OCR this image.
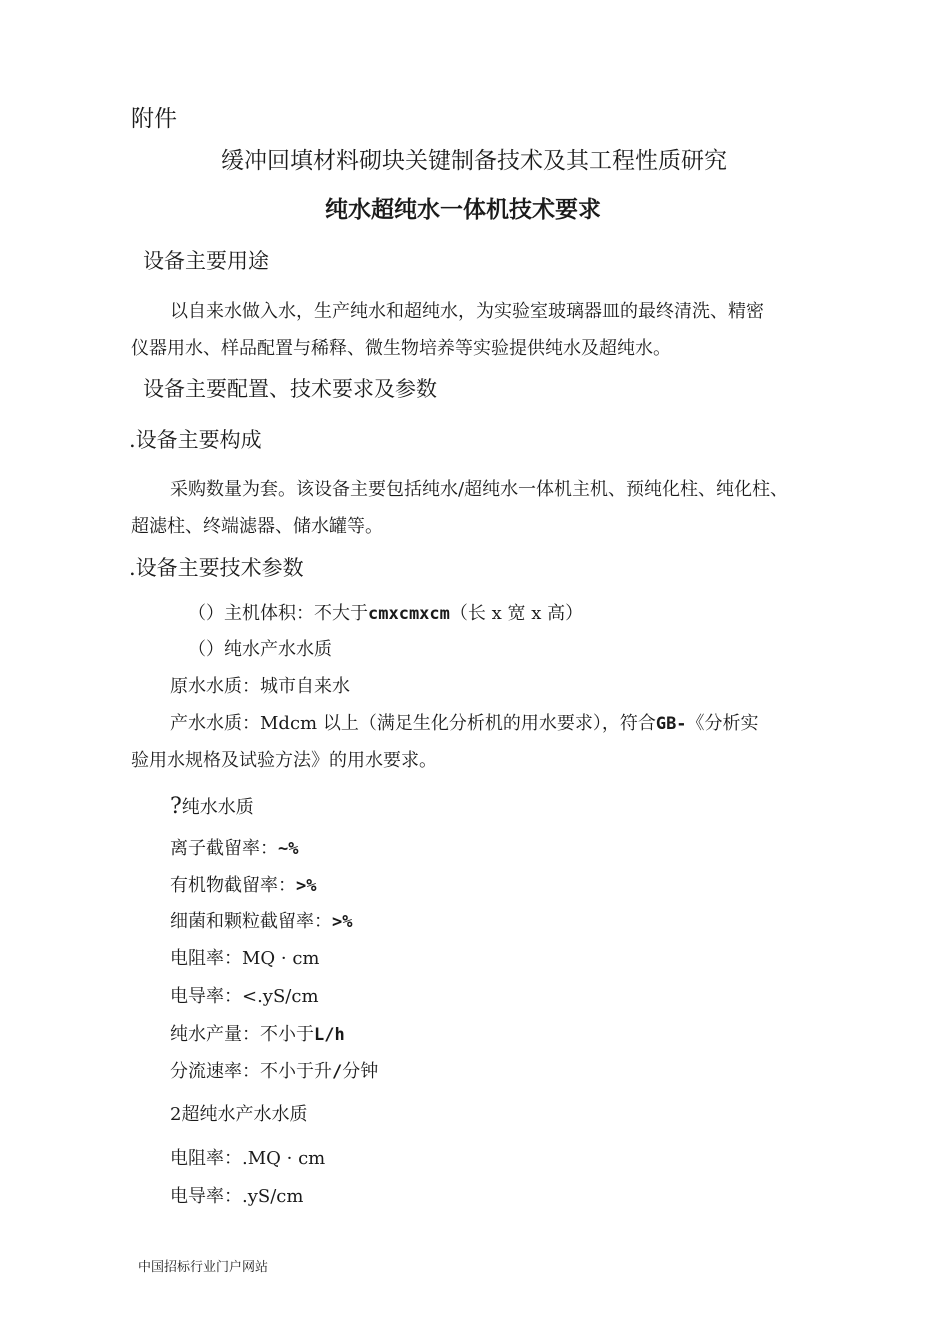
附件
缓冲回填材料砌块关键制备技术及其工程性质研究
纯水超纯水一体机技术要求
设备主要用途
以自来水做入水，生产纯水和超纯水，为实验室玻璃器皿的最终清洗、精密
仪器用水、样品配置与稀释、微生物培养等实验提供纯水及超纯水。
设备主要配置、技术要求及参数
.设备主要构成
采购数量为套。该设备主要包括纯水/超纯水一体机主机、预纯化柱、纯化柱、
超滤柱、终端滤器、储水罐等。
.设备主要技术参数
（）主机体积：不大于cmxcmxcm（长 x 宽 x 高）
（）纯水产水水质
原水水质：城市自来水
产水水质：Mdcm 以上（满足生化分析机的用水要求），符合GB-《分析实
验用水规格及试验方法》的用水要求。
?纯水水质
离子截留率：~%
有机物截留率：>%
细菌和颗粒截留率：>%
电阻率：MQ · cm
电导率：<.yS/cm
纯水产量：不小于L/h
分流速率：不小于升/分钟
2超纯水产水水质
电阻率：.MQ · cm
电导率：.yS/cm
中国招标行业门户网站
